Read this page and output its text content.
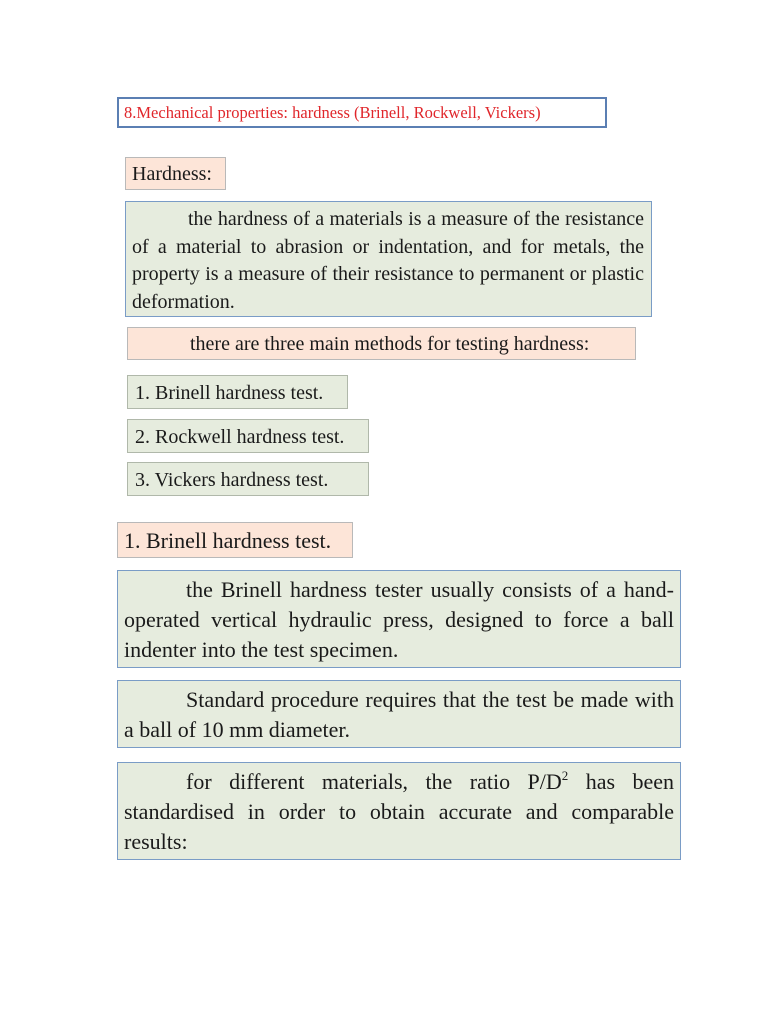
8.Mechanical properties: hardness (Brinell, Rockwell, Vickers)
Hardness:
the hardness of a materials is a measure of the resistance of a material to abrasion or indentation, and for metals, the property is a measure of their resistance to permanent or plastic deformation.
there are three main methods for testing hardness:
1. Brinell hardness test.
2. Rockwell hardness test.
3. Vickers hardness test.
1. Brinell hardness test.
the Brinell hardness tester usually consists of a hand-operated vertical hydraulic press, designed to force a ball indenter into the test specimen.
Standard procedure requires that the test be made with a ball of 10 mm diameter.
for different materials, the ratio $P/D^2$ has been standardised in order to obtain accurate and comparable results:
